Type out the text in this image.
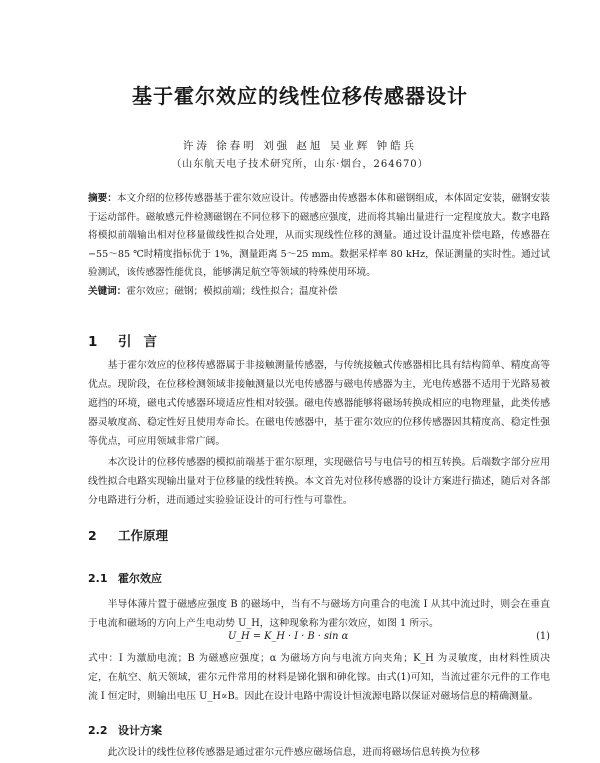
基于霍尔效应的线性位移传感器设计
许涛 徐春明 刘强 赵旭 吴业辉 钟皓兵
（山东航天电子技术研究所，山东·烟台，264670）
摘要：本文介绍的位移传感器基于霍尔效应设计。传感器由传感器本体和磁钢组成，本体固定安装，磁钢安装于运动部件。磁敏感元件检测磁钢在不同位移下的磁感应强度，进而将其输出量进行一定程度放大。数字电路将模拟前端输出相对位移量做线性拟合处理，从而实现线性位移的测量。通过设计温度补偿电路，传感器在 −55～85 ℃时精度指标优于 1%，测量距离 5～25 mm。数据采样率 80 kHz，保证测量的实时性。通过试验测试，该传感器性能优良，能够满足航空等领域的特殊使用环境。
关键词：霍尔效应；磁钢；模拟前端；线性拟合；温度补偿
1 引言
基于霍尔效应的位移传感器属于非接触测量传感器，与传统接触式传感器相比具有结构简单、精度高等优点。现阶段，在位移检测领域非接触测量以光电传感器与磁电传感器为主，光电传感器不适用于光路易被遮挡的环境，磁电式传感器环境适应性相对较强。磁电传感器能够将磁场转换成相应的电物理量，此类传感器灵敏度高、稳定性好且使用寿命长。在磁电传感器中，基于霍尔效应的位移传感器因其精度高、稳定性强等优点，可应用领域非常广阔。
本次设计的位移传感器的模拟前端基于霍尔原理，实现磁信号与电信号的相互转换。后端数字部分应用线性拟合电路实现输出量对于位移量的线性转换。本文首先对位移传感器的设计方案进行描述，随后对各部分电路进行分析，进而通过实验验证设计的可行性与可靠性。
2 工作原理
2.1 霍尔效应
半导体薄片置于磁感应强度 B 的磁场中，当有不与磁场方向重合的电流 I 从其中流过时，则会在垂直于电流和磁场的方向上产生电动势 U_H，这种现象称为霍尔效应，如图 1 所示。
U_H = K_H · I · B · sin α	(1)
式中：I 为激励电流；B 为磁感应强度；α 为磁场方向与电流方向夹角；K_H 为灵敏度，由材料性质决定，在航空、航天领域，霍尔元件常用的材料是锑化铟和砷化镓。由式(1)可知，当流过霍尔元件的工作电流 I 恒定时，则输出电压 U_H∝B。因此在设计电路中需设计恒流源电路以保证对磁场信息的精确测量。
2.2 设计方案
此次设计的线性位移传感器是通过霍尔元件感应磁场信息，进而将磁场信息转换为位移
